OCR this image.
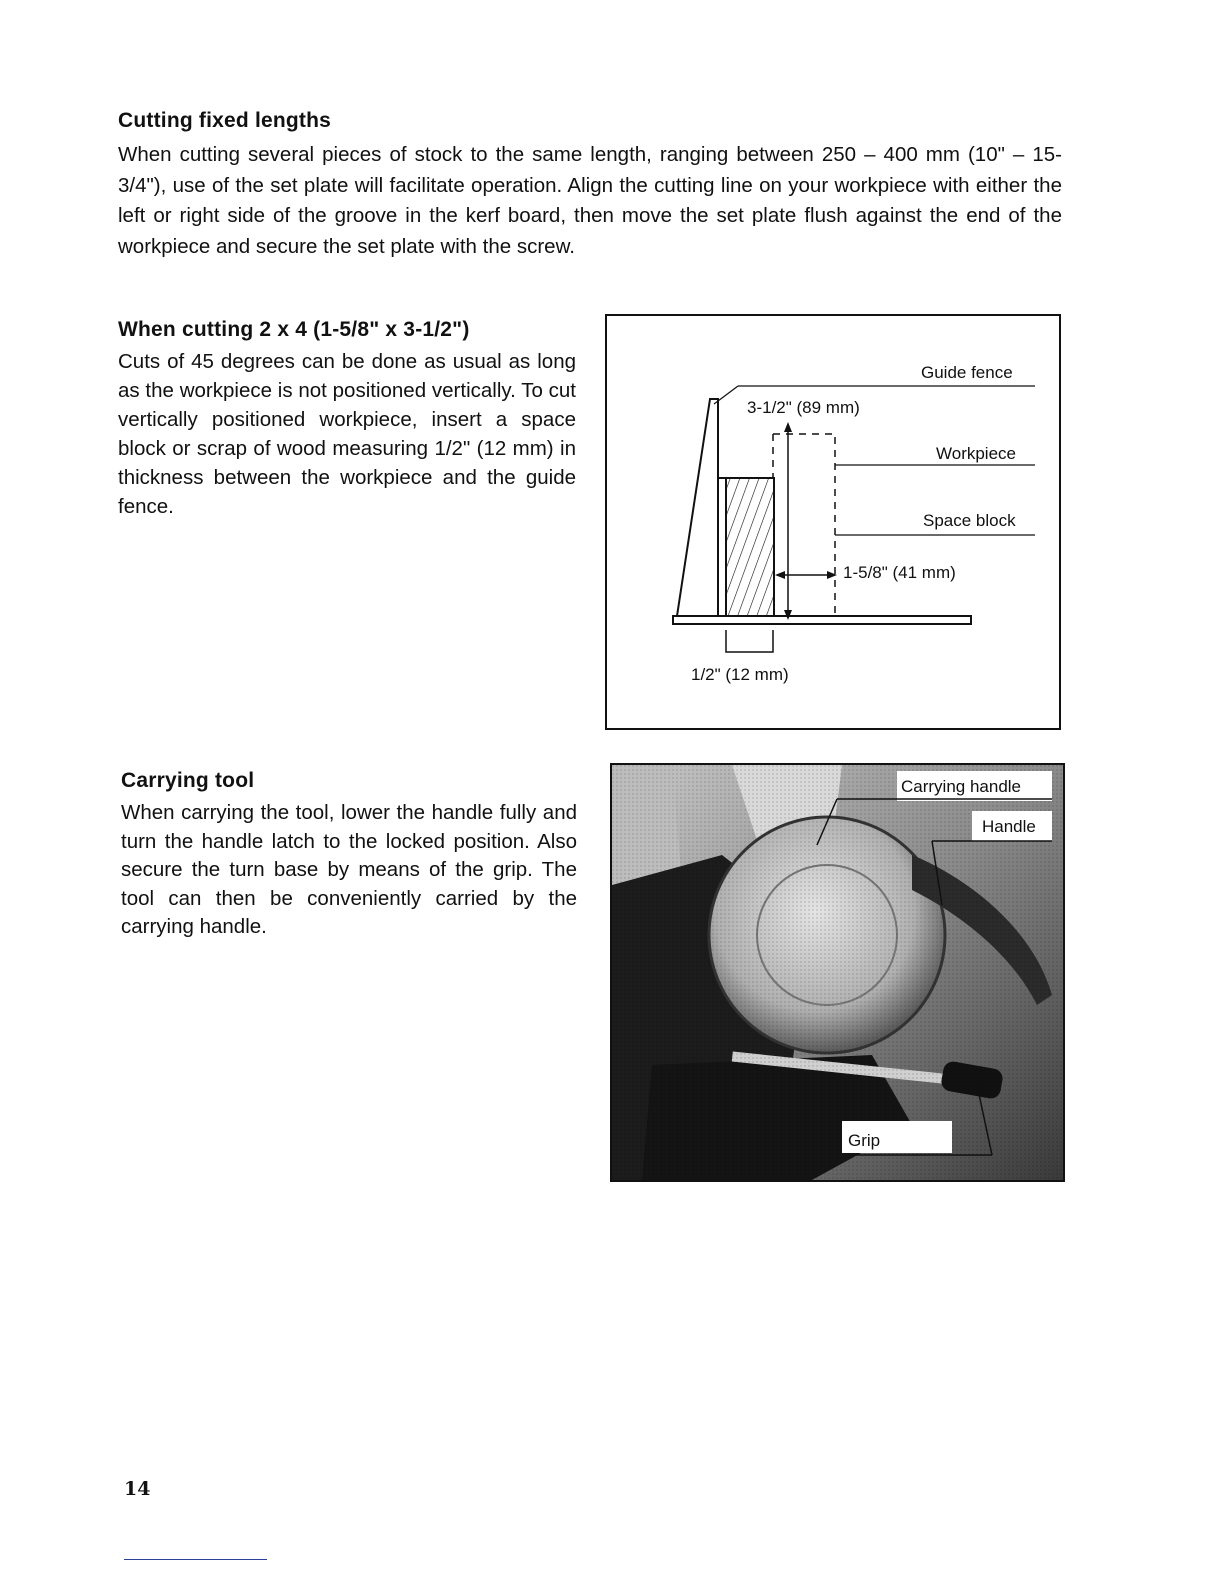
Cutting fixed lengths

When cutting several pieces of stock to the same length, ranging between 250 – 400 mm (10" – 15-3/4"), use of the set plate will facilitate operation. Align the cutting line on your workpiece with either the left or right side of the groove in the kerf board, then move the set plate flush against the end of the workpiece and secure the set plate with the screw.

When cutting 2 x 4 (1-5/8" x 3-1/2")

Cuts of 45 degrees can be done as usual as long as the workpiece is not positioned vertically. To cut vertically positioned workpiece, insert a space block or scrap of wood measuring 1/2" (12 mm) in thickness between the workpiece and the guide fence.

Guide fence
3-1/2" (89 mm)
Workpiece
Space block
1-5/8" (41 mm)
1/2" (12 mm)
Carrying tool

When carrying the tool, lower the handle fully and turn the handle latch to the locked position. Also secure the turn base by means of the grip. The tool can then be conveniently carried by the carrying handle.

Carrying handle
Handle
Grip
14
